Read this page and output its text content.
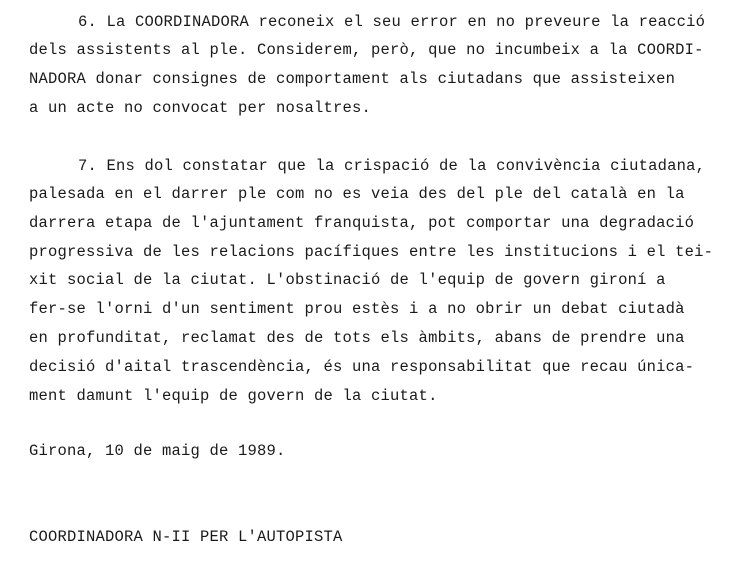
6. La COORDINADORA reconeix el seu error en no preveure la reacció
dels assistents al ple. Considerem, però, que no incumbeix a la COORDI-
NADORA donar consignes de comportament als ciutadans que assisteixen
a un acte no convocat per nosaltres.
7. Ens dol constatar que la crispació de la convivència ciutadana,
palesada en el darrer ple com no es veia des del ple del català en la
darrera etapa de l'ajuntament franquista, pot comportar una degradació
progressiva de les relacions pacífiques entre les institucions i el tei-
xit social de la ciutat. L'obstinació de l'equip de govern gironí a
fer-se l'orni d'un sentiment prou estès i a no obrir un debat ciutadà
en profunditat, reclamat des de tots els àmbits, abans de prendre una
decisió d'aital trascendència, és una responsabilitat que recau única-
ment damunt l'equip de govern de la ciutat.
Girona, 10 de maig de 1989.
COORDINADORA N-II PER L'AUTOPISTA
